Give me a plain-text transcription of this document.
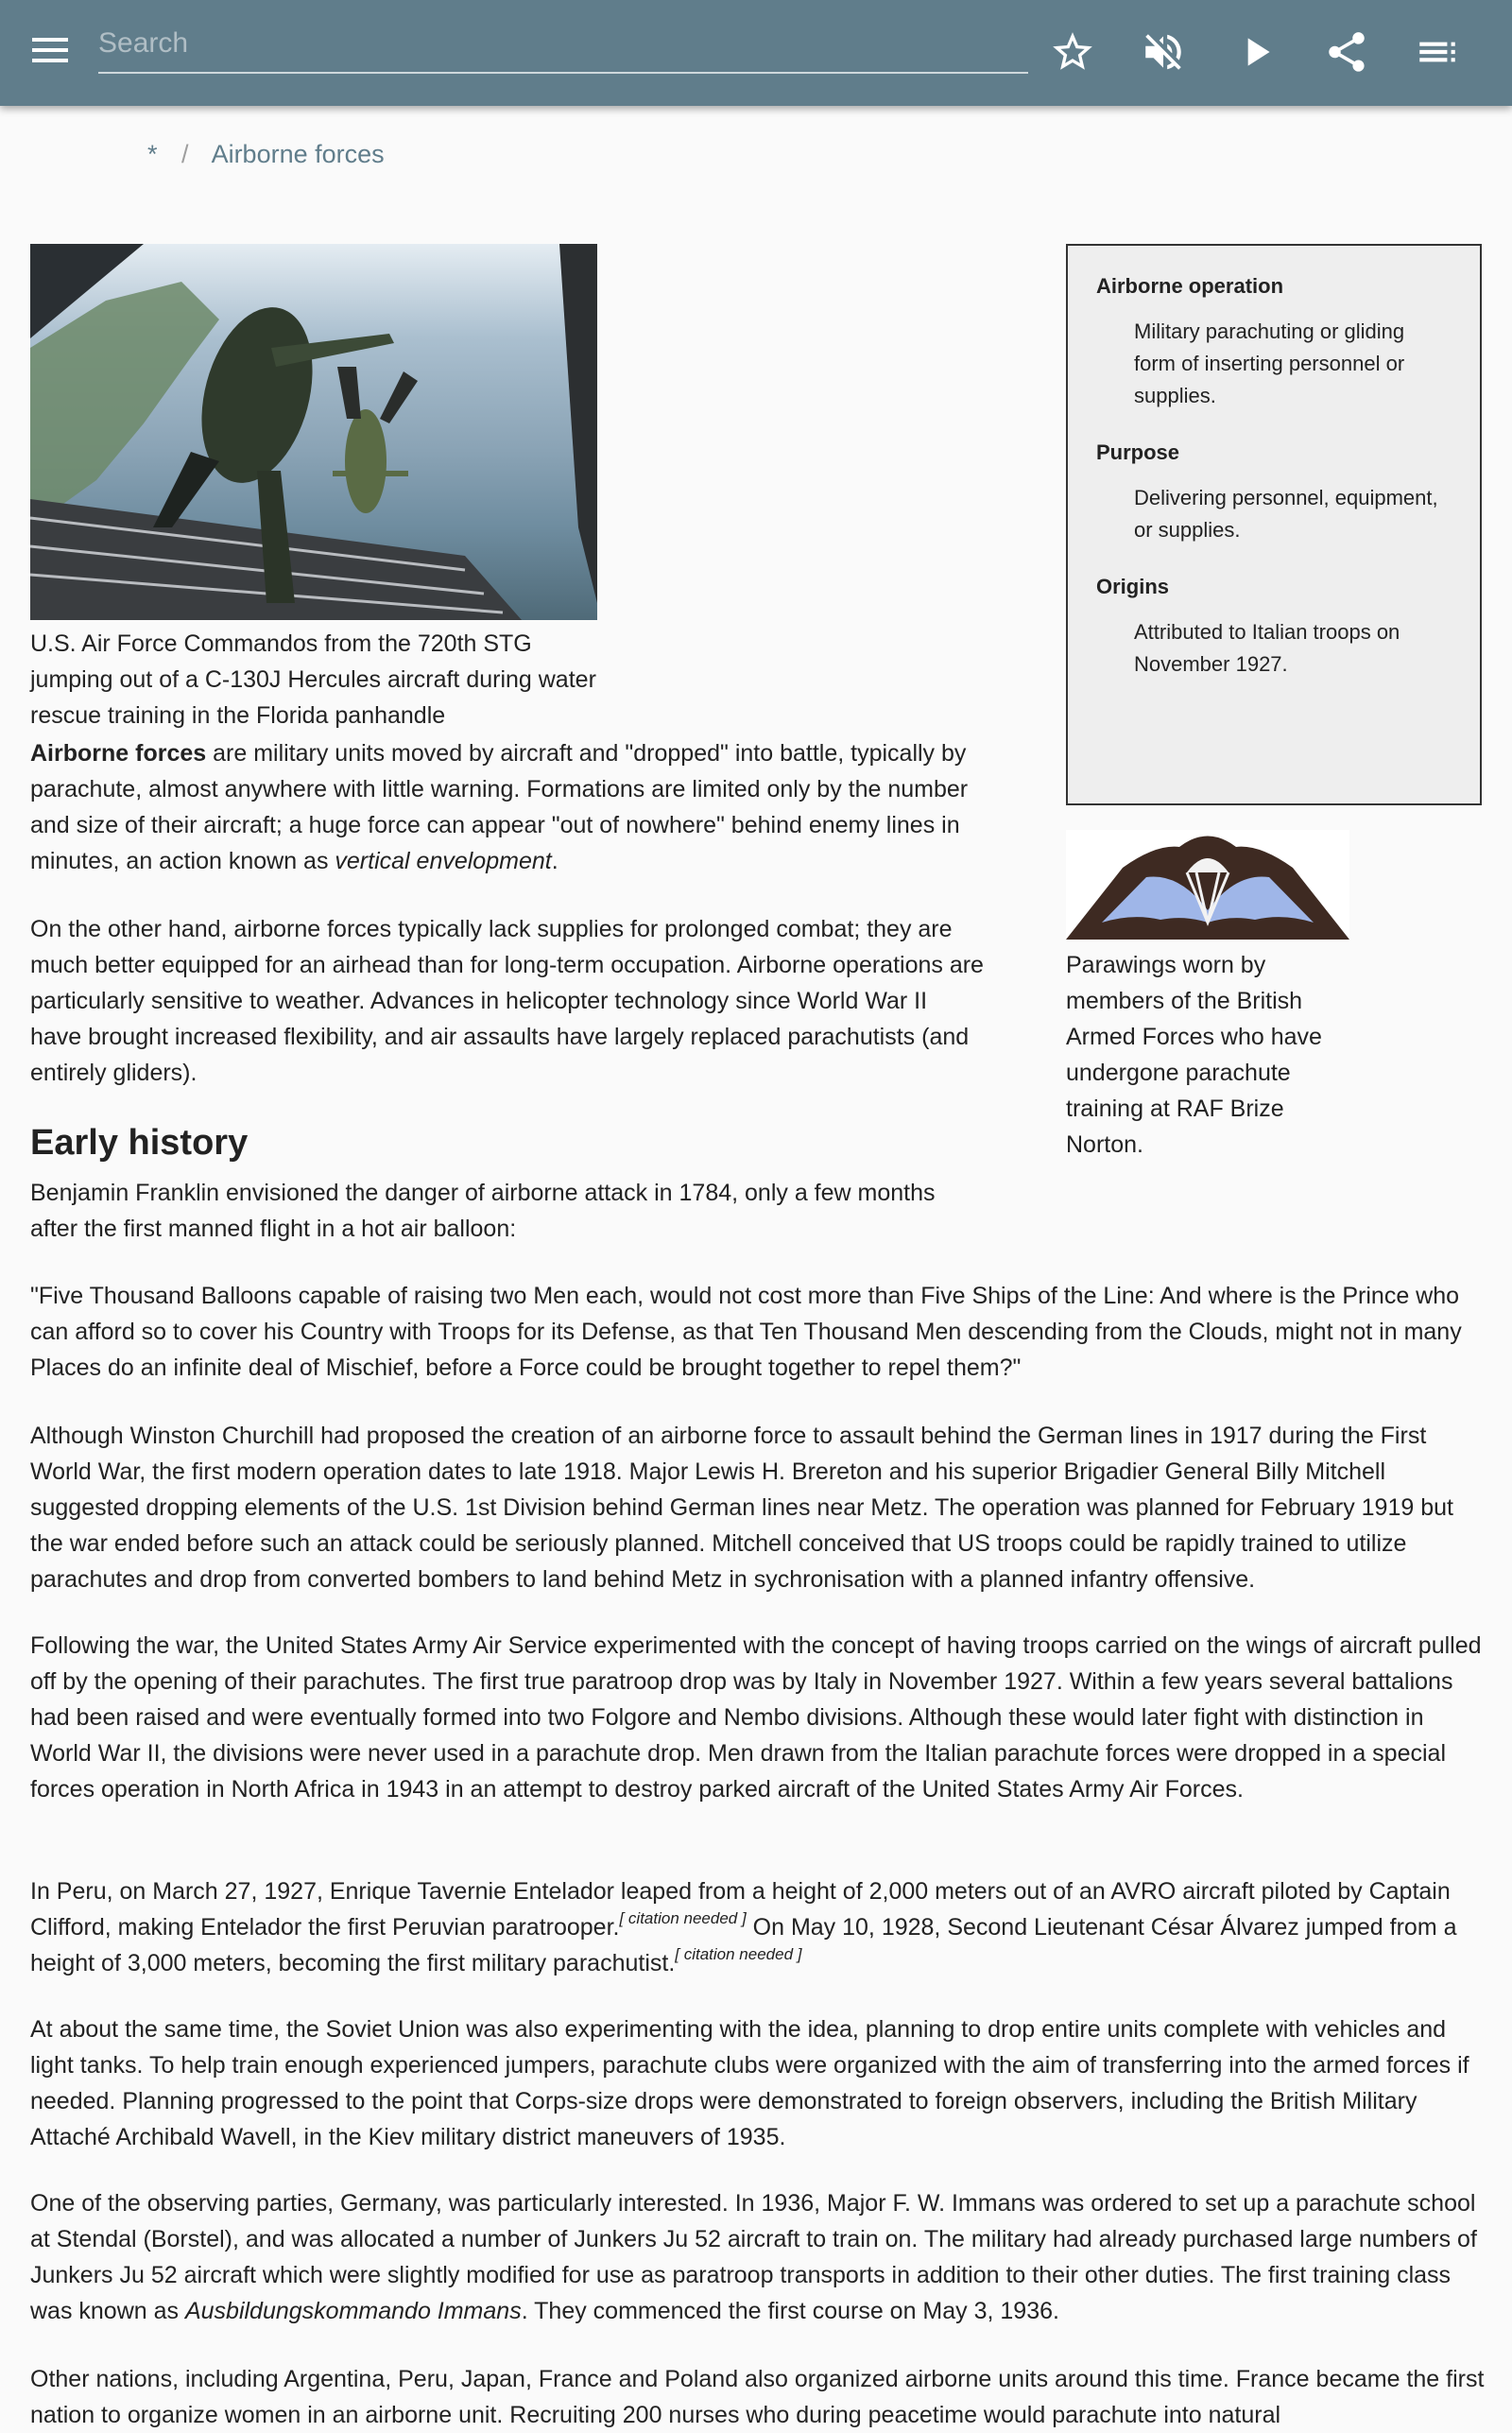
Search
* / Airborne forces
U.S. Air Force Commandos from the 720th STG jumping out of a C-130J Hercules aircraft during water rescue training in the Florida panhandle

Airborne forces are military units moved by aircraft and "dropped" into battle, typically by parachute, almost anywhere with little warning. Formations are limited only by the number and size of their aircraft; a huge force can appear "out of nowhere" behind enemy lines in minutes, an action known as vertical envelopment.

On the other hand, airborne forces typically lack supplies for prolonged combat; they are much better equipped for an airhead than for long-term occupation. Airborne operations are particularly sensitive to weather. Advances in helicopter technology since World War II have brought increased flexibility, and air assaults have largely replaced parachutists (and entirely gliders).

Early history

Benjamin Franklin envisioned the danger of airborne attack in 1784, only a few months after the first manned flight in a hot air balloon:

"Five Thousand Balloons capable of raising two Men each, would not cost more than Five Ships of the Line: And where is the Prince who can afford so to cover his Country with Troops for its Defense, as that Ten Thousand Men descending from the Clouds, might not in many Places do an infinite deal of Mischief, before a Force could be brought together to repel them?"

Although Winston Churchill had proposed the creation of an airborne force to assault behind the German lines in 1917 during the First World War, the first modern operation dates to late 1918. Major Lewis H. Brereton and his superior Brigadier General Billy Mitchell suggested dropping elements of the U.S. 1st Division behind German lines near Metz. The operation was planned for February 1919 but the war ended before such an attack could be seriously planned. Mitchell conceived that US troops could be rapidly trained to utilize parachutes and drop from converted bombers to land behind Metz in sychronisation with a planned infantry offensive.

Following the war, the United States Army Air Service experimented with the concept of having troops carried on the wings of aircraft pulled off by the opening of their parachutes. The first true paratroop drop was by Italy in November 1927. Within a few years several battalions had been raised and were eventually formed into two Folgore and Nembo divisions. Although these would later fight with distinction in World War II, the divisions were never used in a parachute drop. Men drawn from the Italian parachute forces were dropped in a special forces operation in North Africa in 1943 in an attempt to destroy parked aircraft of the United States Army Air Forces.

In Peru, on March 27, 1927, Enrique Tavernie Entelador leaped from a height of 2,000 meters out of an AVRO aircraft piloted by Captain Clifford, making Entelador the first Peruvian paratrooper.[ citation needed ] On May 10, 1928, Second Lieutenant César Álvarez jumped from a height of 3,000 meters, becoming the first military parachutist.[ citation needed ]

At about the same time, the Soviet Union was also experimenting with the idea, planning to drop entire units complete with vehicles and light tanks. To help train enough experienced jumpers, parachute clubs were organized with the aim of transferring into the armed forces if needed. Planning progressed to the point that Corps-size drops were demonstrated to foreign observers, including the British Military Attaché Archibald Wavell, in the Kiev military district maneuvers of 1935.

One of the observing parties, Germany, was particularly interested. In 1936, Major F. W. Immans was ordered to set up a parachute school at Stendal (Borstel), and was allocated a number of Junkers Ju 52 aircraft to train on. The military had already purchased large numbers of Junkers Ju 52 aircraft which were slightly modified for use as paratroop transports in addition to their other duties. The first training class was known as Ausbildungskommando Immans. They commenced the first course on May 3, 1936.

Other nations, including Argentina, Peru, Japan, France and Poland also organized airborne units around this time. France became the first nation to organize women in an airborne unit. Recruiting 200 nurses who during peacetime would parachute into natural

Airborne operation
Military parachuting or gliding form of inserting personnel or supplies.
Purpose
Delivering personnel, equipment, or supplies.
Origins
Attributed to Italian troops on November 1927.
Parawings worn by members of the British Armed Forces who have undergone parachute training at RAF Brize Norton.
